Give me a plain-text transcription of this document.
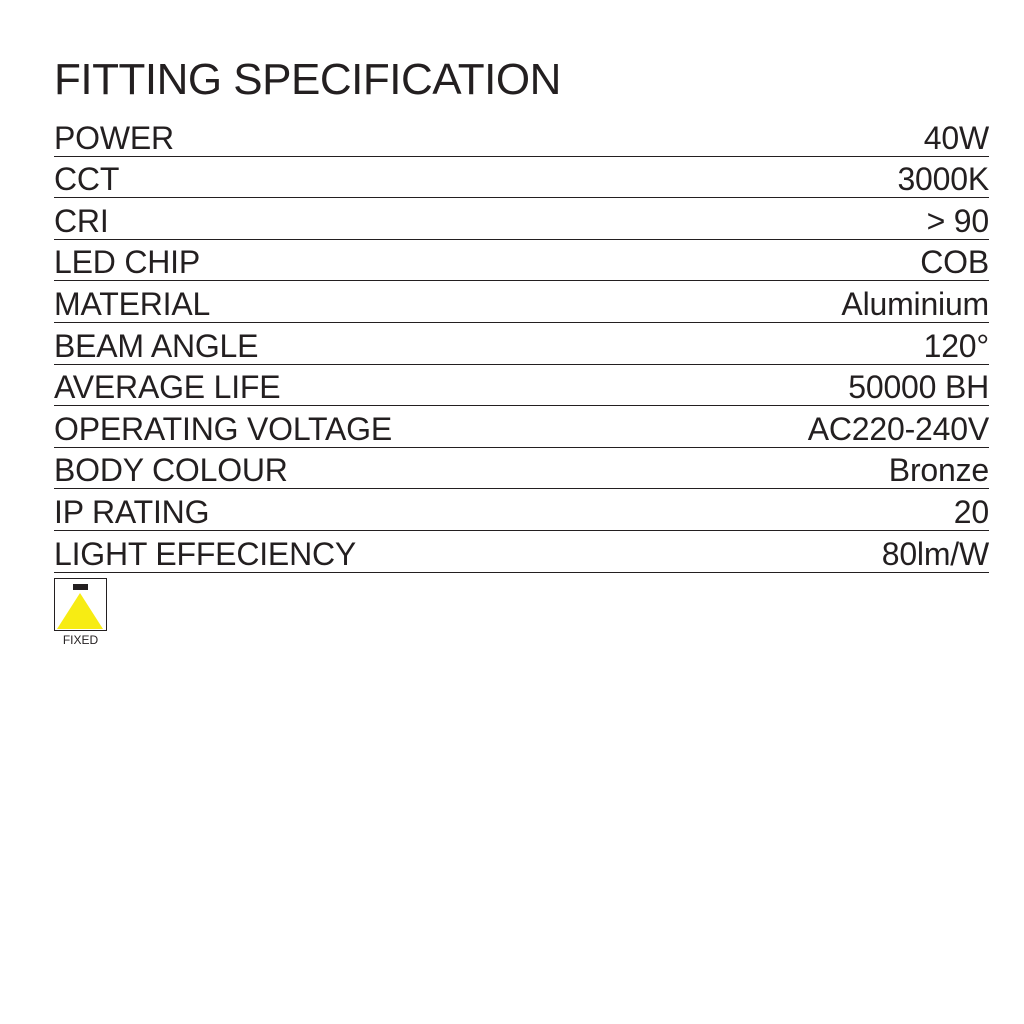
FITTING SPECIFICATION
POWER	40W
CCT	3000K
CRI	> 90
LED CHIP	COB
MATERIAL	Aluminium
BEAM ANGLE	120°
AVERAGE LIFE	50000 BH
OPERATING VOLTAGE	AC220-240V
BODY COLOUR	Bronze
IP RATING	20
LIGHT EFFECIENCY	80lm/W
FIXED
